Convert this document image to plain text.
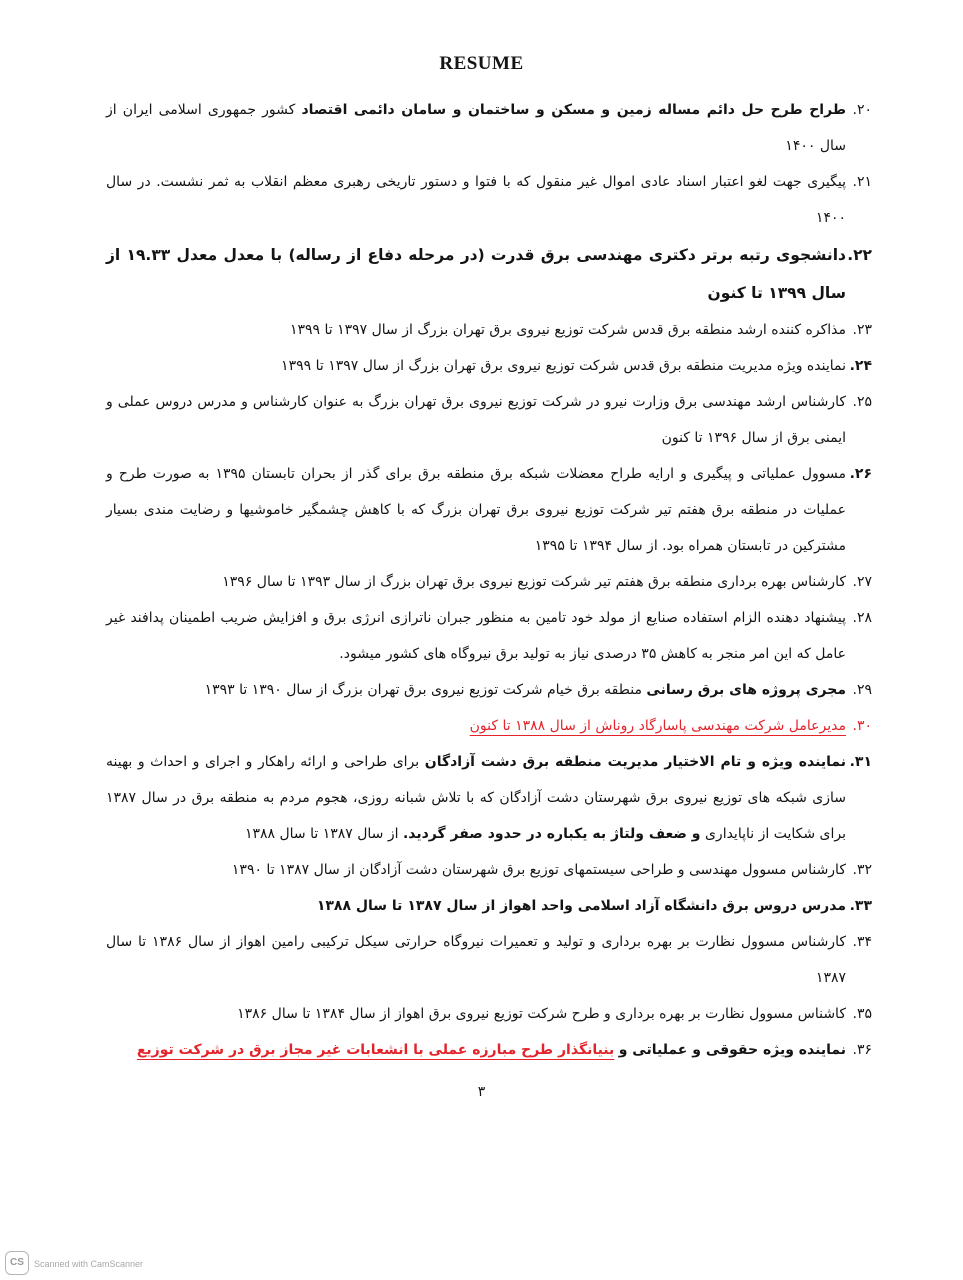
RESUME
۲۰.
طراح طرح حل دائم مساله زمین و مسکن و ساختمان و سامان دائمی اقتصاد کشور جمهوری اسلامی ایران از سال ۱۴۰۰
۲۱.
پیگیری جهت لغو اعتبار اسناد عادی اموال غیر منقول که با فتوا و دستور تاریخی رهبری معظم انقلاب به ثمر نشست. در سال ۱۴۰۰
۲۲.
دانشجوی رتبه برتر دکتری مهندسی برق قدرت (در مرحله دفاع از رساله) با معدل معدل ۱۹.۳۳ از سال ۱۳۹۹ تا کنون
۲۳.
مذاکره کننده ارشد منطقه برق قدس شرکت توزیع نیروی برق تهران بزرگ از سال ۱۳۹۷ تا ۱۳۹۹
۲۴.
نماینده ویژه مدیریت منطقه برق قدس شرکت توزیع نیروی برق تهران بزرگ از سال ۱۳۹۷ تا ۱۳۹۹
۲۵.
کارشناس ارشد مهندسی برق وزارت نیرو در شرکت توزیع نیروی برق تهران بزرگ به عنوان کارشناس و مدرس دروس عملی و ایمنی برق از سال ۱۳۹۶ تا کنون
۲۶.
مسوول عملیاتی و پیگیری و ارایه طراح معضلات شبکه برق منطقه برق برای گذر از بحران تابستان ۱۳۹۵ به صورت طرح و عملیات در منطقه برق هفتم تیر شرکت توزیع نیروی برق تهران بزرگ که با کاهش چشمگیر خاموشیها و رضایت مندی بسیار مشترکین در تابستان همراه بود. از سال ۱۳۹۴ تا ۱۳۹۵
۲۷.
کارشناس بهره برداری منطقه برق هفتم تیر شرکت توزیع نیروی برق تهران بزرگ از سال ۱۳۹۳ تا سال ۱۳۹۶
۲۸.
پیشنهاد دهنده الزام استفاده صنایع از مولد خود تامین به منظور جبران ناترازی انرژی برق و افزایش ضریب اطمینان پدافند غیر عامل که این امر منجر به کاهش ۳۵ درصدی نیاز به تولید برق نیروگاه های کشور میشود.
۲۹.
مجری پروژه های برق رسانی منطقه برق خیام شرکت توزیع نیروی برق تهران بزرگ از سال ۱۳۹۰ تا ۱۳۹۳
۳۰.
مدیرعامل شرکت مهندسی پاسارگاد روناش از سال ۱۳۸۸ تا کنون
۳۱.
نماینده ویژه و تام الاختیار مدیریت منطقه برق دشت آزادگان برای طراحی و ارائه راهکار و اجرای و احداث و بهینه سازی شبکه های توزیع نیروی برق شهرستان دشت آزادگان که با تلاش شبانه روزی، هجوم مردم به منطقه برق در سال ۱۳۸۷ برای شکایت از ناپایداری و ضعف ولتاژ به یکباره در حدود صفر گردید. از سال ۱۳۸۷ تا سال ۱۳۸۸
۳۲.
کارشناس مسوول مهندسی و طراحی سیستمهای توزیع برق شهرستان دشت آزادگان از سال ۱۳۸۷ تا ۱۳۹۰
۳۳.
مدرس دروس برق دانشگاه آزاد اسلامی واحد اهواز از سال ۱۳۸۷ تا سال ۱۳۸۸
۳۴.
کارشناس مسوول نظارت بر بهره برداری و تولید و تعمیرات نیروگاه حرارتی سیکل ترکیبی رامین اهواز از سال ۱۳۸۶ تا سال ۱۳۸۷
۳۵.
کاشناس مسوول نظارت بر بهره برداری و طرح شرکت توزیع نیروی برق اهواز از سال ۱۳۸۴ تا سال ۱۳۸۶
۳۶.
نماینده ویژه حقوقی و عملیاتی و بنیانگذار طرح مبارزه عملی با انشعابات غیر مجاز برق در شرکت توزیع
۳
CS	Scanned with CamScanner
